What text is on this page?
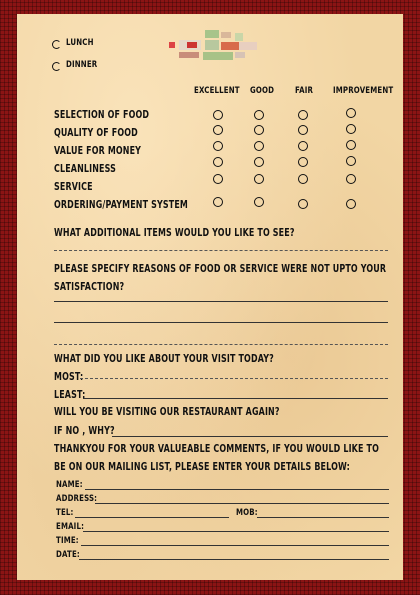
LUNCH
DINNER
EXCELLENT GOOD FAIR IMPROVEMENT
SELECTION OF FOOD
QUALITY OF FOOD
VALUE FOR MONEY
CLEANLINESS
SERVICE
ORDERING/PAYMENT SYSTEM
WHAT ADDITIONAL ITEMS WOULD YOU LIKE TO SEE?
PLEASE SPECIFY REASONS OF FOOD OR SERVICE WERE NOT UPTO YOUR
SATISFACTION?
WHAT DID YOU LIKE ABOUT YOUR VISIT TODAY?
MOST:
LEAST:
WILL YOU BE VISITING OUR RESTAURANT AGAIN?
IF NO , WHY?
THANKYOU FOR YOUR VALUEABLE COMMENTS, IF YOU WOULD LIKE TO
BE ON OUR MAILING LIST, PLEASE ENTER YOUR DETAILS BELOW:
NAME:
ADDRESS:
TEL:	MOB:
EMAIL:
TIME:
DATE:
